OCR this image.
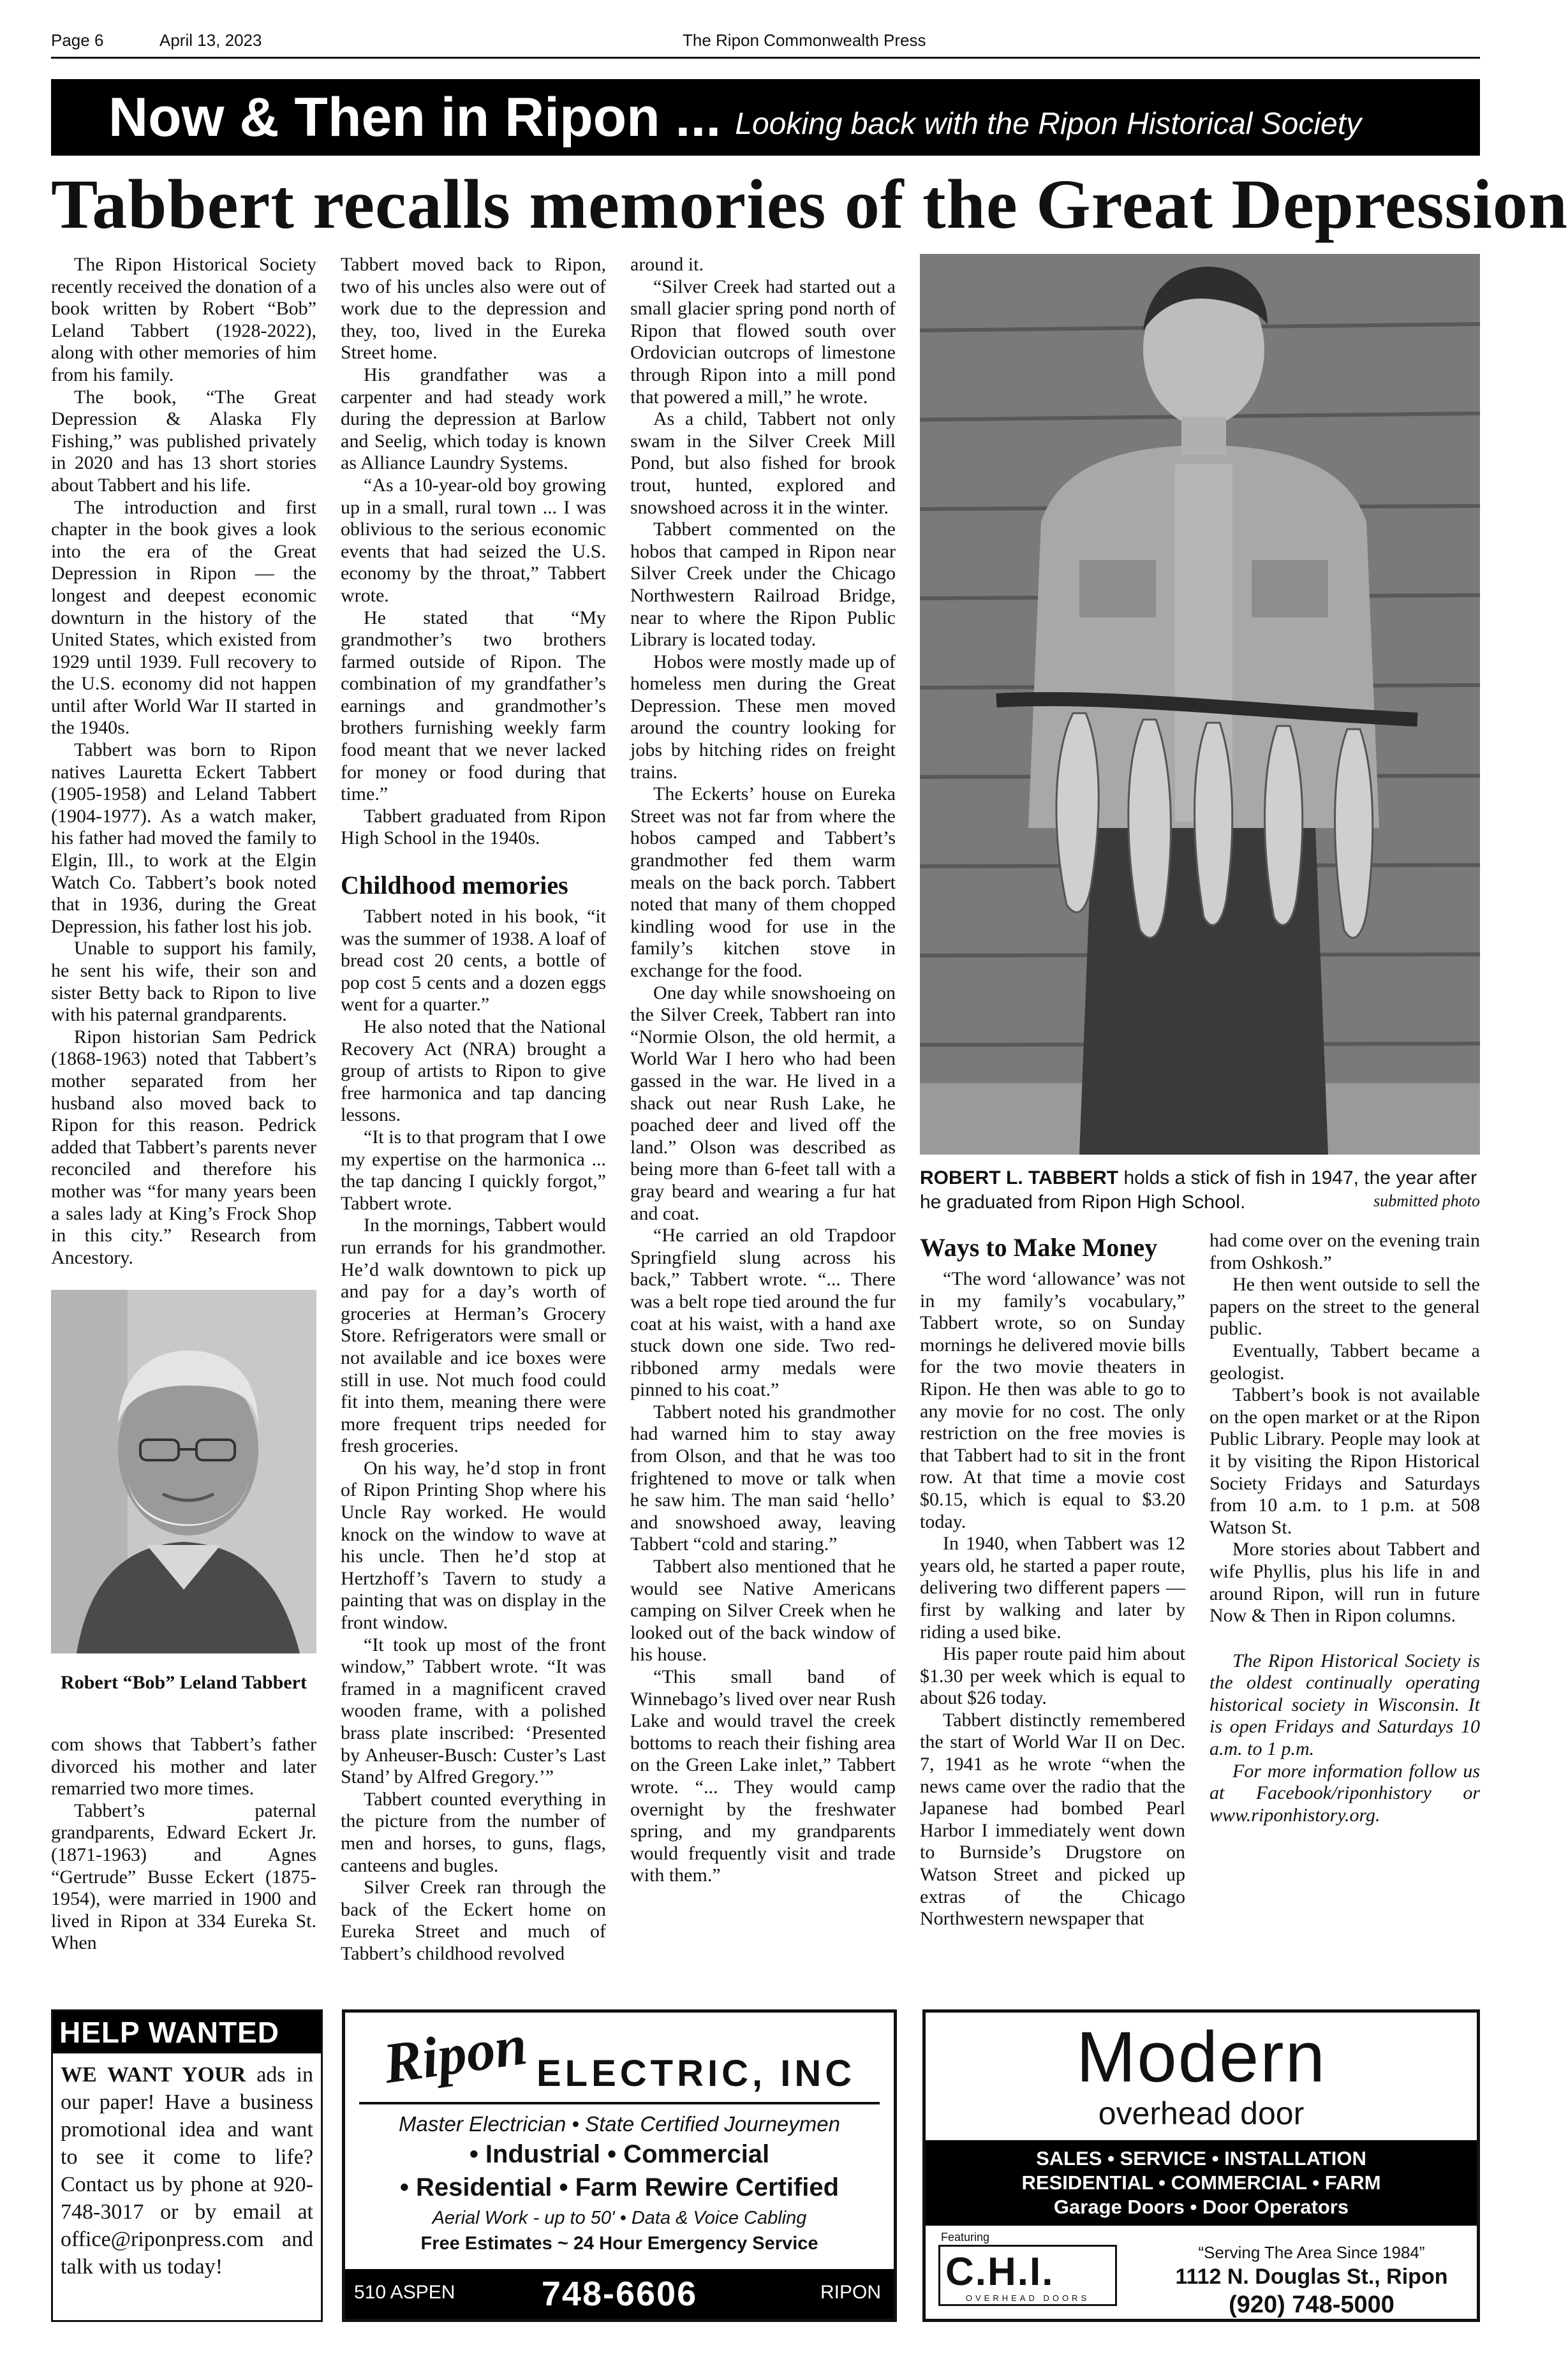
Page 6	April 13, 2023	The Ripon Commonwealth Press
Now & Then in Ripon ... Looking back with the Ripon Historical Society
Tabbert recalls memories of the Great Depression

The Ripon Historical Society recently received the donation of a book written by Robert “Bob” Leland Tabbert (1928-2022), along with other memories of him from his family.

The book, “The Great Depression & Alaska Fly Fishing,” was published privately in 2020 and has 13 short stories about Tabbert and his life.

The introduction and first chapter in the book gives a look into the era of the Great Depression in Ripon — the longest and deepest economic downturn in the history of the United States, which existed from 1929 until 1939. Full recovery to the U.S. economy did not happen until after World War II started in the 1940s.

Tabbert was born to Ripon natives Lauretta Eckert Tabbert (1905-1958) and Leland Tabbert (1904-1977). As a watch maker, his father had moved the family to Elgin, Ill., to work at the Elgin Watch Co. Tabbert’s book noted that in 1936, during the Great Depression, his father lost his job.

Unable to support his family, he sent his wife, their son and sister Betty back to Ripon to live with his paternal grandparents.

Ripon historian Sam Pedrick (1868-1963) noted that Tabbert’s mother separated from her husband also moved back to Ripon for this reason. Pedrick added that Tabbert’s parents never reconciled and therefore his mother was “for many years been a sales lady at King’s Frock Shop in this city.” Research from Ancestory.

Robert “Bob” Leland Tabbert

com shows that Tabbert’s father divorced his mother and later remarried two more times.

Tabbert’s paternal grandparents, Edward Eckert Jr. (1871-1963) and Agnes “Gertrude” Busse Eckert (1875-1954), were married in 1900 and lived in Ripon at 334 Eureka St. When

Tabbert moved back to Ripon, two of his uncles also were out of work due to the depression and they, too, lived in the Eureka Street home.

His grandfather was a carpenter and had steady work during the depression at Barlow and Seelig, which today is known as Alliance Laundry Systems.

“As a 10-year-old boy growing up in a small, rural town ... I was oblivious to the serious economic events that had seized the U.S. economy by the throat,” Tabbert wrote.

He stated that “My grandmother’s two brothers farmed outside of Ripon. The combination of my grandfather’s earnings and grandmother’s brothers furnishing weekly farm food meant that we never lacked for money or food during that time.”

Tabbert graduated from Ripon High School in the 1940s.

Childhood memories

Tabbert noted in his book, “it was the summer of 1938. A loaf of bread cost 20 cents, a bottle of pop cost 5 cents and a dozen eggs went for a quarter.”

He also noted that the National Recovery Act (NRA) brought a group of artists to Ripon to give free harmonica and tap dancing lessons.

“It is to that program that I owe my expertise on the harmonica ... the tap dancing I quickly forgot,” Tabbert wrote.

In the mornings, Tabbert would run errands for his grandmother. He’d walk downtown to pick up and pay for a day’s worth of groceries at Herman’s Grocery Store. Refrigerators were small or not available and ice boxes were still in use. Not much food could fit into them, meaning there were more frequent trips needed for fresh groceries.

On his way, he’d stop in front of Ripon Printing Shop where his Uncle Ray worked. He would knock on the window to wave at his uncle. Then he’d stop at Hertzhoff’s Tavern to study a painting that was on display in the front window.

“It took up most of the front window,” Tabbert wrote. “It was framed in a magnificent craved wooden frame, with a polished brass plate inscribed: ‘Presented by Anheuser-Busch: Custer’s Last Stand’ by Alfred Gregory.’”

Tabbert counted everything in the picture from the number of men and horses, to guns, flags, canteens and bugles.

Silver Creek ran through the back of the Eckert home on Eureka Street and much of Tabbert’s childhood revolved

around it.

“Silver Creek had started out a small glacier spring pond north of Ripon that flowed south over Ordovician outcrops of limestone through Ripon into a mill pond that powered a mill,” he wrote.

As a child, Tabbert not only swam in the Silver Creek Mill Pond, but also fished for brook trout, hunted, explored and snowshoed across it in the winter.

Tabbert commented on the hobos that camped in Ripon near Silver Creek under the Chicago Northwestern Railroad Bridge, near to where the Ripon Public Library is located today.

Hobos were mostly made up of homeless men during the Great Depression. These men moved around the country looking for jobs by hitching rides on freight trains.

The Eckerts’ house on Eureka Street was not far from where the hobos camped and Tabbert’s grandmother fed them warm meals on the back porch. Tabbert noted that many of them chopped kindling wood for use in the family’s kitchen stove in exchange for the food.

One day while snowshoeing on the Silver Creek, Tabbert ran into “Normie Olson, the old hermit, a World War I hero who had been gassed in the war. He lived in a shack out near Rush Lake, he poached deer and lived off the land.” Olson was described as being more than 6-feet tall with a gray beard and wearing a fur hat and coat.

“He carried an old Trapdoor Springfield slung across his back,” Tabbert wrote. “... There was a belt rope tied around the fur coat at his waist, with a hand axe stuck down one side. Two red-ribboned army medals were pinned to his coat.”

Tabbert noted his grandmother had warned him to stay away from Olson, and that he was too frightened to move or talk when he saw him. The man said ‘hello’ and snowshoed away, leaving Tabbert “cold and staring.”

Tabbert also mentioned that he would see Native Americans camping on Silver Creek when he looked out of the back window of his house.

“This small band of Winnebago’s lived over near Rush Lake and would travel the creek bottoms to reach their fishing area on the Green Lake inlet,” Tabbert wrote. “... They would camp overnight by the freshwater spring, and my grandparents would frequently visit and trade with them.”

ROBERT L. TABBERT holds a stick of fish in 1947, the year after he graduated from Ripon High School.	submitted photo
Ways to Make Money

“The word ‘allowance’ was not in my family’s vocabulary,” Tabbert wrote, so on Sunday mornings he delivered movie bills for the two movie theaters in Ripon. He then was able to go to any movie for no cost. The only restriction on the free movies is that Tabbert had to sit in the front row. At that time a movie cost $0.15, which is equal to $3.20 today.

In 1940, when Tabbert was 12 years old, he started a paper route, delivering two different papers — first by walking and later by riding a used bike.

His paper route paid him about $1.30 per week which is equal to about $26 today.

Tabbert distinctly remembered the start of World War II on Dec. 7, 1941 as he wrote “when the news came over the radio that the Japanese had bombed Pearl Harbor I immediately went down to Burnside’s Drugstore on Watson Street and picked up extras of the Chicago Northwestern newspaper that

had come over on the evening train from Oshkosh.”

He then went outside to sell the papers on the street to the general public.

Eventually, Tabbert became a geologist.

Tabbert’s book is not available on the open market or at the Ripon Public Library. People may look at it by visiting the Ripon Historical Society Fridays and Saturdays from 10 a.m. to 1 p.m. at 508 Watson St.

More stories about Tabbert and wife Phyllis, plus his life in and around Ripon, will run in future Now & Then in Ripon columns.

The Ripon Historical Society is the oldest continually operating historical society in Wisconsin. It is open Fridays and Saturdays 10 a.m. to 1 p.m.

For more information follow us at Facebook/riponhistory or www.riponhistory.org.

HELP WANTED
WE WANT YOUR ads in our paper! Have a business promotional idea and want to see it come to life? Contact us by phone at 920-748-3017 or by email at office@riponpress.com and talk with us today!
Ripon ELECTRIC, INC
Master Electrician • State Certified Journeymen
• Industrial • Commercial
• Residential • Farm Rewire Certified
Aerial Work - up to 50' • Data & Voice Cabling
Free Estimates ~ 24 Hour Emergency Service
510 ASPEN	748-6606	RIPON
Modern
overhead door
SALES • SERVICE • INSTALLATION
RESIDENTIAL • COMMERCIAL • FARM
Garage Doors • Door Operators
Featuring
C.H.I.
OVERHEAD DOORS
“Serving The Area Since 1984”
1112 N. Douglas St., Ripon
(920) 748-5000
